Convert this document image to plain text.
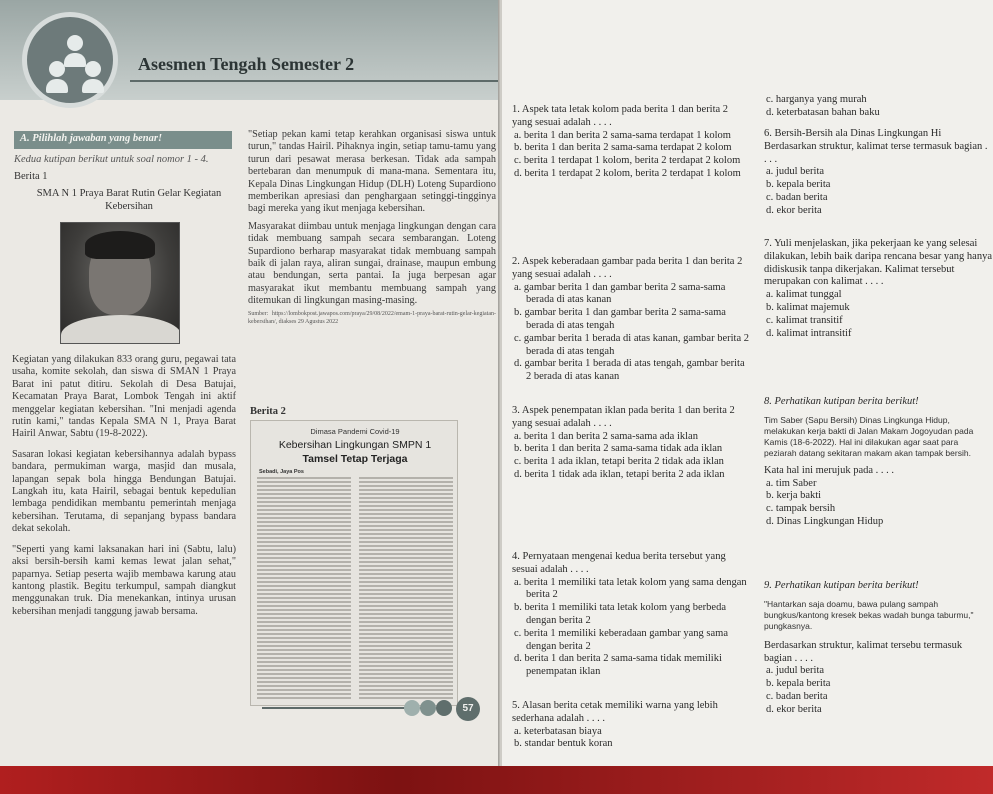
Asesmen Tengah Semester 2
A. Pilihlah jawaban yang benar!
Kedua kutipan berikut untuk soal nomor 1 - 4.
Berita 1
SMA N 1 Praya Barat Rutin Gelar Kegiatan Kebersihan

Kegiatan yang dilakukan 833 orang guru, pegawai tata usaha, komite sekolah, dan siswa di SMAN 1 Praya Barat ini patut ditiru. Sekolah di Desa Batujai, Kecamatan Praya Barat, Lombok Tengah ini aktif menggelar kegiatan kebersihan. "Ini menjadi agenda rutin kami," tandas Kepala SMA N 1, Praya Barat Hairil Anwar, Sabtu (19-8-2022).

Sasaran lokasi kegiatan kebersihannya adalah bypass bandara, permukiman warga, masjid dan musala, lapangan sepak bola hingga Bendungan Batujai. Langkah itu, kata Hairil, sebagai bentuk kepedulian lembaga pendidikan membantu pemerintah menjaga kebersihan. Terutama, di sepanjang bypass bandara dekat sekolah.

"Seperti yang kami laksanakan hari ini (Sabtu, lalu) aksi bersih-bersih kami kemas lewat jalan sehat," paparnya. Setiap peserta wajib membawa karung atau kantong plastik. Begitu terkumpul, sampah diangkut menggunakan truk. Dia menekankan, intinya urusan kebersihan menjadi tanggung jawab bersama.

"Setiap pekan kami tetap kerahkan organisasi siswa untuk turun," tandas Hairil. Pihaknya ingin, setiap tamu-tamu yang turun dari pesawat merasa berkesan. Tidak ada sampah bertebaran dan menumpuk di mana-mana. Sementara itu, Kepala Dinas Lingkungan Hidup (DLH) Loteng Supardiono memberikan apresiasi dan penghargaan setinggi-tingginya bagi mereka yang ikut menjaga kebersihan.

Masyarakat diimbau untuk menjaga lingkungan dengan cara tidak membuang sampah secara sembarangan. Loteng Supardiono berharap masyarakat tidak membuang sampah baik di jalan raya, aliran sungai, drainase, maupun embung atau bendungan, serta pantai. Ia juga berpesan agar masyarakat ikut membantu membuang sampah yang ditemukan di lingkungan masing-masing.

Sumber: https://lombokpost.jawapos.com/praya/29/08/2022/emam-1-praya-barat-rutin-gelar-kegiatan-kebersihan/, diakses 29 Agustus 2022

Berita 2
Dimasa Pandemi Covid-19
Kebersihan Lingkungan SMPN 1
Tamsel Tetap Terjaga
Sebadi, Jaya Pos
57
1. Aspek tata letak kolom pada berita 1 dan berita 2 yang sesuai adalah . . . .
a. berita 1 dan berita 2 sama-sama terdapat 1 kolom
b. berita 1 dan berita 2 sama-sama terdapat 2 kolom
c. berita 1 terdapat 1 kolom, berita 2 terdapat 2 kolom
d. berita 1 terdapat 2 kolom, berita 2 terdapat 1 kolom
2. Aspek keberadaan gambar pada berita 1 dan berita 2 yang sesuai adalah . . . .
a. gambar berita 1 dan gambar berita 2 sama-sama berada di atas kanan
b. gambar berita 1 dan gambar berita 2 sama-sama berada di atas tengah
c. gambar berita 1 berada di atas kanan, gambar berita 2 berada di atas tengah
d. gambar berita 1 berada di atas tengah, gambar berita 2 berada di atas kanan
3. Aspek penempatan iklan pada berita 1 dan berita 2 yang sesuai adalah . . . .
a. berita 1 dan berita 2 sama-sama ada iklan
b. berita 1 dan berita 2 sama-sama tidak ada iklan
c. berita 1 ada iklan, tetapi berita 2 tidak ada iklan
d. berita 1 tidak ada iklan, tetapi berita 2 ada iklan
4. Pernyataan mengenai kedua berita tersebut yang sesuai adalah . . . .
a. berita 1 memiliki tata letak kolom yang sama dengan berita 2
b. berita 1 memiliki tata letak kolom yang berbeda dengan berita 2
c. berita 1 memiliki keberadaan gambar yang sama dengan berita 2
d. berita 1 dan berita 2 sama-sama tidak memiliki penempatan iklan
5. Alasan berita cetak memiliki warna yang lebih sederhana adalah . . . .
a. keterbatasan biaya
b. standar bentuk koran
c. harganya yang murah
d. keterbatasan bahan baku
6. Bersih-Bersih ala Dinas Lingkungan Hi Berdasarkan struktur, kalimat terse termasuk bagian . . . .
a. judul berita
b. kepala berita
c. badan berita
d. ekor berita
7. Yuli menjelaskan, jika pekerjaan ke yang selesai dilakukan, lebih baik daripa rencana besar yang hanya didiskusik tanpa dikerjakan. Kalimat tersebut merupakan con kalimat . . . .
a. kalimat tunggal
b. kalimat majemuk
c. kalimat transitif
d. kalimat intransitif
8. Perhatikan kutipan berita berikut!
Tim Saber (Sapu Bersih) Dinas Lingkunga Hidup, melakukan kerja bakti di Jalan Makam Jogoyudan pada Kamis (18-6-2022). Hal ini dilakukan agar saat para peziarah datang sekitaran makam akan tampak bersih.
Kata hal ini merujuk pada . . . .
a. tim Saber
b. kerja bakti
c. tampak bersih
d. Dinas Lingkungan Hidup
9. Perhatikan kutipan berita berikut!
"Hantarkan saja doamu, bawa pulang sampah bungkus/kantong kresek bekas wadah bunga taburmu," pungkasnya.
Berdasarkan struktur, kalimat tersebu termasuk bagian . . . .
a. judul berita
b. kepala berita
c. badan berita
d. ekor berita
